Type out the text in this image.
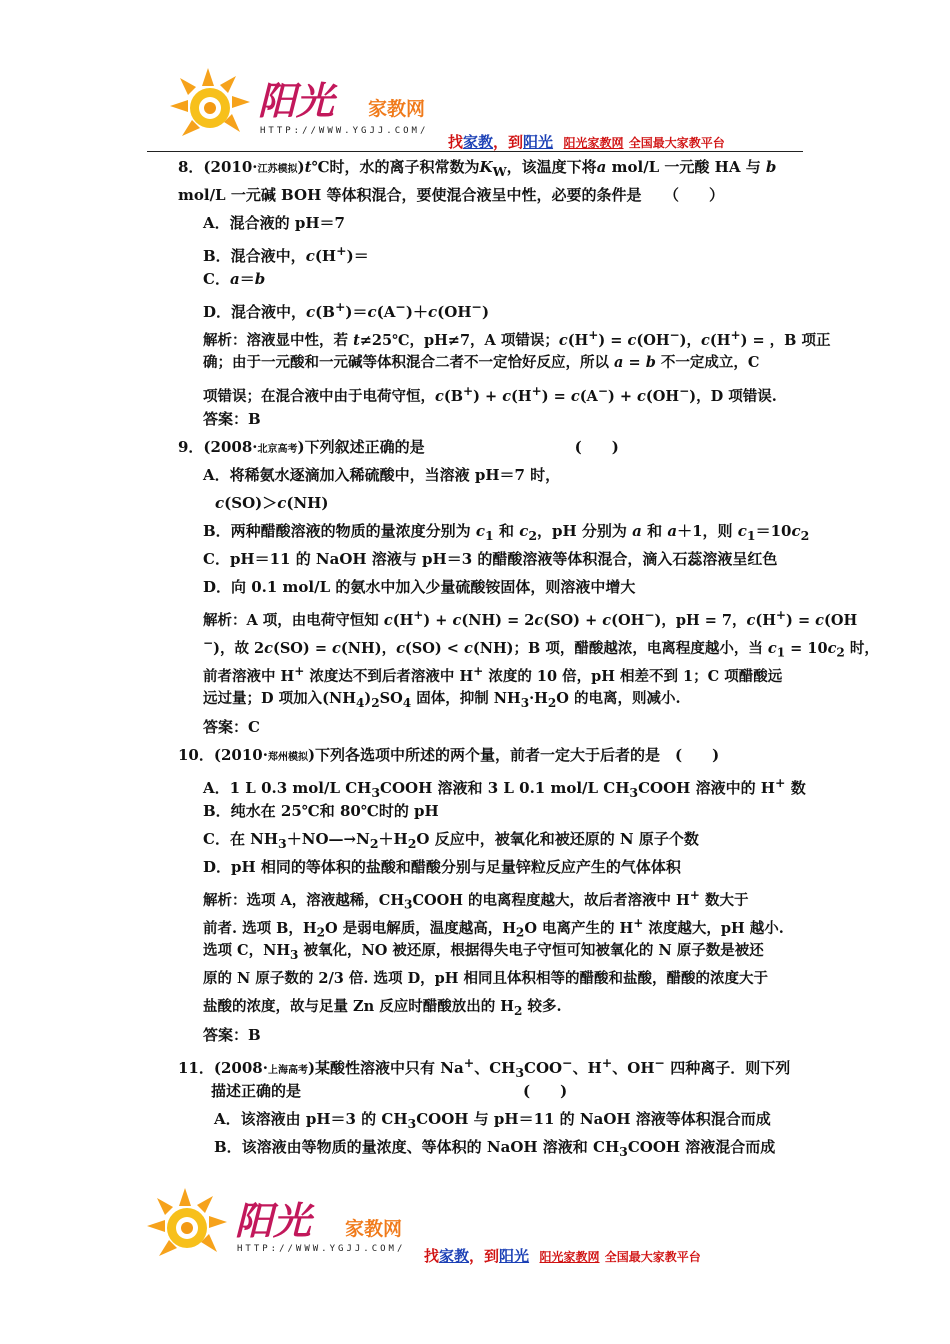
阳光 家教网
HTTP://WWW.YGJJ.COM/
找家教，到阳光 阳光家教网 全国最大家教平台
8．(2010·江苏模拟)t℃时，水的离子积常数为$K_W$，该温度下将a mol/L 一元酸 HA 与 b
mol/L 一元碱 BOH 等体积混合，要使混合液呈中性，必要的条件是　　（　　）
A．混合液的 pH＝7
B．混合液中，c(H+)＝
C．a＝b
D．混合液中，c(B+)＝c(A−)＋c(OH−)
解析：溶液显中性，若 t≠25℃，pH≠7，A 项错误；c(H+) = c(OH−)，c(H+) = ，B 项正
确；由于一元酸和一元碱等体积混合二者不一定恰好反应，所以 a = b 不一定成立，C
项错误；在混合液中由于电荷守恒，c(B+) + c(H+) = c(A−) + c(OH−)，D 项错误.
答案：B
9．(2008·北京高考)下列叙述正确的是	(　　)
A．将稀氨水逐滴加入稀硫酸中，当溶液 pH＝7 时，
c(SO)＞c(NH)
B．两种醋酸溶液的物质的量浓度分别为 $c_1$ 和 $c_2$，pH 分别为 a 和 a＋1，则 $c_1=10c_2$
C．pH＝11 的 NaOH 溶液与 pH＝3 的醋酸溶液等体积混合，滴入石蕊溶液呈红色
D．向 0.1 mol/L 的氨水中加入少量硫酸铵固体，则溶液中增大
解析：A 项，由电荷守恒知 c(H+) + c(NH) = 2c(SO) + c(OH−)，pH = 7，c(H+) = c(OH
−)，故 2c(SO) = c(NH)，c(SO) < c(NH)；B 项，醋酸越浓，电离程度越小，当 $c_1 = 10c_2$ 时，
前者溶液中 H+ 浓度达不到后者溶液中 H+ 浓度的 10 倍，pH 相差不到 1；C 项醋酸远
远过量；D 项加入$(NH_4)_2SO_4$ 固体，抑制 $NH_3\cdot H_2O$ 的电离，则减小.
答案：C
10．(2010·郑州模拟)下列各选项中所述的两个量，前者一定大于后者的是　(　　)
A．1 L 0.3 mol/L $CH_3COOH$ 溶液和 3 L 0.1 mol/L $CH_3COOH$ 溶液中的 H+ 数
B．纯水在 25℃和 80℃时的 pH
C．在 $NH_3+NO—\to N_2+H_2O$ 反应中，被氧化和被还原的 N 原子个数
D．pH 相同的等体积的盐酸和醋酸分别与足量锌粒反应产生的气体体积
解析：选项 A，溶液越稀，$CH_3COOH$ 的电离程度越大，故后者溶液中 H+ 数大于
前者. 选项 B，$H_2O$ 是弱电解质，温度越高，$H_2O$ 电离产生的 H+ 浓度越大，pH 越小.
选项 C，$NH_3$ 被氧化，NO 被还原，根据得失电子守恒可知被氧化的 N 原子数是被还
原的 N 原子数的 2/3 倍. 选项 D，pH 相同且体积相等的醋酸和盐酸，醋酸的浓度大于
盐酸的浓度，故与足量 Zn 反应时醋酸放出的 $H_2$ 较多.
答案：B
11．(2008·上海高考)某酸性溶液中只有 Na+、$CH_3COO^-$、H+、OH− 四种离子．则下列
描述正确的是	(　　)
A．该溶液由 pH＝3 的 $CH_3COOH$ 与 pH＝11 的 NaOH 溶液等体积混合而成
B．该溶液由等物质的量浓度、等体积的 NaOH 溶液和 $CH_3COOH$ 溶液混合而成
阳光 家教网
HTTP://WWW.YGJJ.COM/ 找家教，到阳光 阳光家教网 全国最大家教平台
